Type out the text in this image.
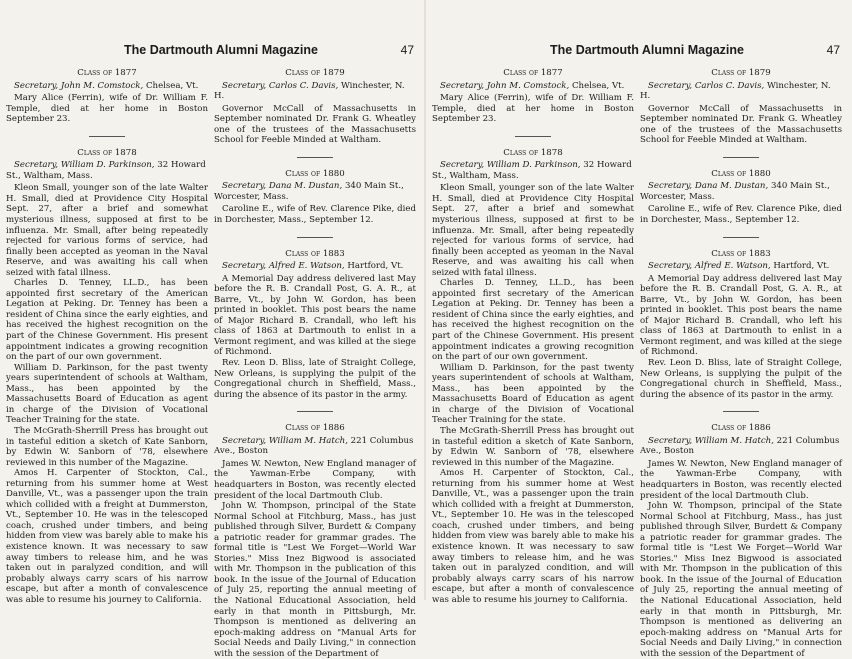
The Dartmouth Alumni Magazine	47
Class of 1877
Secretary, John M. Comstock, Chelsea, Vt.

Mary Alice (Ferrin), wife of Dr. William F. Temple, died at her home in Boston September 23.

Class of 1878
Secretary, William D. Parkinson, 32 Howard St., Waltham, Mass.

Kleon Small, younger son of the late Walter H. Small, died at Providence City Hospital Sept. 27, after a brief and somewhat mysterious illness, supposed at first to be influenza. Mr. Small, after being repeatedly rejected for various forms of service, had finally been accepted as yeoman in the Naval Reserve, and was awaiting his call when seized with fatal illness.

Charles D. Tenney, LL.D., has been appointed first secretary of the American Legation at Peking. Dr. Tenney has been a resident of China since the early eighties, and has received the highest recognition on the part of the Chinese Government. His present appointment indicates a growing recognition on the part of our own government.

William D. Parkinson, for the past twenty years superintendent of schools at Waltham, Mass., has been appointed by the Massachusetts Board of Education as agent in charge of the Division of Vocational Teacher Training for the state.

The McGrath-Sherrill Press has brought out in tasteful edition a sketch of Kate Sanborn, by Edwin W. Sanborn of '78, elsewhere reviewed in this number of the Magazine.

Amos H. Carpenter of Stockton, Cal., returning from his summer home at West Danville, Vt., was a passenger upon the train which collided with a freight at Dummerston, Vt., September 10. He was in the telescoped coach, crushed under timbers, and being hidden from view was barely able to make his existence known. It was necessary to saw away timbers to release him, and he was taken out in paralyzed condition, and will probably always carry scars of his narrow escape, but after a month of convalescence was able to resume his journey to California.

Class of 1879
Secretary, Carlos C. Davis, Winchester, N. H.

Governor McCall of Massachusetts in September nominated Dr. Frank G. Wheatley one of the trustees of the Massachusetts School for Feeble Minded at Waltham.

Class of 1880
Secretary, Dana M. Dustan, 340 Main St., Worcester, Mass.

Caroline E., wife of Rev. Clarence Pike, died in Dorchester, Mass., September 12.

Class of 1883
Secretary, Alfred E. Watson, Hartford, Vt.

A Memorial Day address delivered last May before the R. B. Crandall Post, G. A. R., at Barre, Vt., by John W. Gordon, has been printed in booklet. This post bears the name of Major Richard B. Crandall, who left his class of 1863 at Dartmouth to enlist in a Vermont regiment, and was killed at the siege of Richmond.

Rev. Leon D. Bliss, late of Straight College, New Orleans, is supplying the pulpit of the Congregational church in Sheffield, Mass., during the absence of its pastor in the army.

Class of 1886
Secretary, William M. Hatch, 221 Columbus Ave., Boston

James W. Newton, New England manager of the Yawman-Erbe Company, with headquarters in Boston, was recently elected president of the local Dartmouth Club.

John W. Thompson, principal of the State Normal School at Fitchburg, Mass., has just published through Silver, Burdett & Company a patriotic reader for grammar grades. The formal title is "Lest We Forget—World War Stories." Miss Inez Bigwood is associated with Mr. Thompson in the publication of this book. In the issue of the Journal of Education of July 25, reporting the annual meeting of the National Educational Association, held early in that month in Pittsburgh, Mr. Thompson is mentioned as delivering an epoch-making address on "Manual Arts for Social Needs and Daily Living," in connection with the session of the Department of

The Dartmouth Alumni Magazine	47
Class of 1877
Secretary, John M. Comstock, Chelsea, Vt.

Mary Alice (Ferrin), wife of Dr. William F. Temple, died at her home in Boston September 23.

Class of 1878
Secretary, William D. Parkinson, 32 Howard St., Waltham, Mass.

Kleon Small, younger son of the late Walter H. Small, died at Providence City Hospital Sept. 27, after a brief and somewhat mysterious illness, supposed at first to be influenza. Mr. Small, after being repeatedly rejected for various forms of service, had finally been accepted as yeoman in the Naval Reserve, and was awaiting his call when seized with fatal illness.

Charles D. Tenney, LL.D., has been appointed first secretary of the American Legation at Peking. Dr. Tenney has been a resident of China since the early eighties, and has received the highest recognition on the part of the Chinese Government. His present appointment indicates a growing recognition on the part of our own government.

William D. Parkinson, for the past twenty years superintendent of schools at Waltham, Mass., has been appointed by the Massachusetts Board of Education as agent in charge of the Division of Vocational Teacher Training for the state.

The McGrath-Sherrill Press has brought out in tasteful edition a sketch of Kate Sanborn, by Edwin W. Sanborn of '78, elsewhere reviewed in this number of the Magazine.

Amos H. Carpenter of Stockton, Cal., returning from his summer home at West Danville, Vt., was a passenger upon the train which collided with a freight at Dummerston, Vt., September 10. He was in the telescoped coach, crushed under timbers, and being hidden from view was barely able to make his existence known. It was necessary to saw away timbers to release him, and he was taken out in paralyzed condition, and will probably always carry scars of his narrow escape, but after a month of convalescence was able to resume his journey to California.

Class of 1879
Secretary, Carlos C. Davis, Winchester, N. H.

Governor McCall of Massachusetts in September nominated Dr. Frank G. Wheatley one of the trustees of the Massachusetts School for Feeble Minded at Waltham.

Class of 1880
Secretary, Dana M. Dustan, 340 Main St., Worcester, Mass.

Caroline E., wife of Rev. Clarence Pike, died in Dorchester, Mass., September 12.

Class of 1883
Secretary, Alfred E. Watson, Hartford, Vt.

A Memorial Day address delivered last May before the R. B. Crandall Post, G. A. R., at Barre, Vt., by John W. Gordon, has been printed in booklet. This post bears the name of Major Richard B. Crandall, who left his class of 1863 at Dartmouth to enlist in a Vermont regiment, and was killed at the siege of Richmond.

Rev. Leon D. Bliss, late of Straight College, New Orleans, is supplying the pulpit of the Congregational church in Sheffield, Mass., during the absence of its pastor in the army.

Class of 1886
Secretary, William M. Hatch, 221 Columbus Ave., Boston

James W. Newton, New England manager of the Yawman-Erbe Company, with headquarters in Boston, was recently elected president of the local Dartmouth Club.

John W. Thompson, principal of the State Normal School at Fitchburg, Mass., has just published through Silver, Burdett & Company a patriotic reader for grammar grades. The formal title is "Lest We Forget—World War Stories." Miss Inez Bigwood is associated with Mr. Thompson in the publication of this book. In the issue of the Journal of Education of July 25, reporting the annual meeting of the National Educational Association, held early in that month in Pittsburgh, Mr. Thompson is mentioned as delivering an epoch-making address on "Manual Arts for Social Needs and Daily Living," in connection with the session of the Department of
